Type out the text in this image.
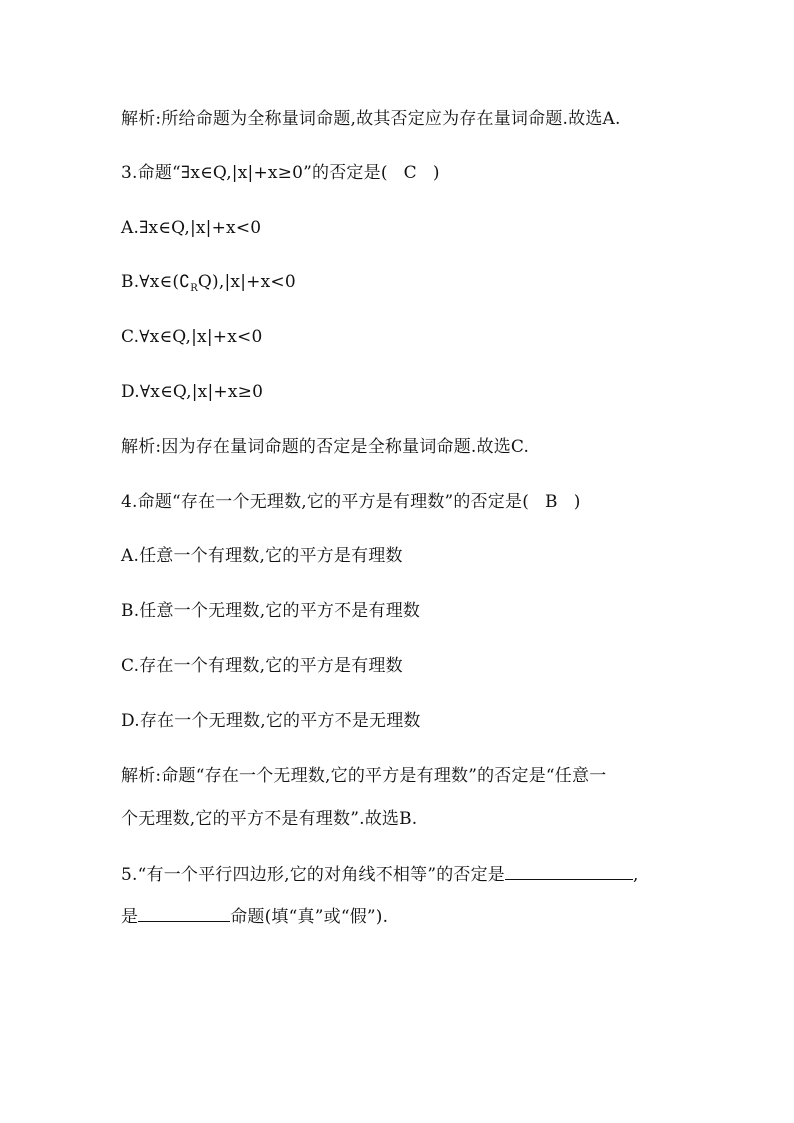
解析:所给命题为全称量词命题,故其否定应为存在量词命题.故选A.
3.命题“∃x∈Q,|x|+x≥0”的否定是( C )
A.∃x∈Q,|x|+x<0
$B.\forall x\in(∁_RQ),|x|+x<0$
C.∀x∈Q,|x|+x<0
D.∀x∈Q,|x|+x≥0
解析:因为存在量词命题的否定是全称量词命题.故选C.
4.命题“存在一个无理数,它的平方是有理数”的否定是( B )
A.任意一个有理数,它的平方是有理数
B.任意一个无理数,它的平方不是有理数
C.存在一个有理数,它的平方是有理数
D.存在一个无理数,它的平方不是无理数
解析:命题“存在一个无理数,它的平方是有理数”的否定是“任意一
个无理数,它的平方不是有理数”.故选B.
5.“有一个平行四边形,它的对角线不相等”的否定是	,
是	命题(填“真”或“假”).
